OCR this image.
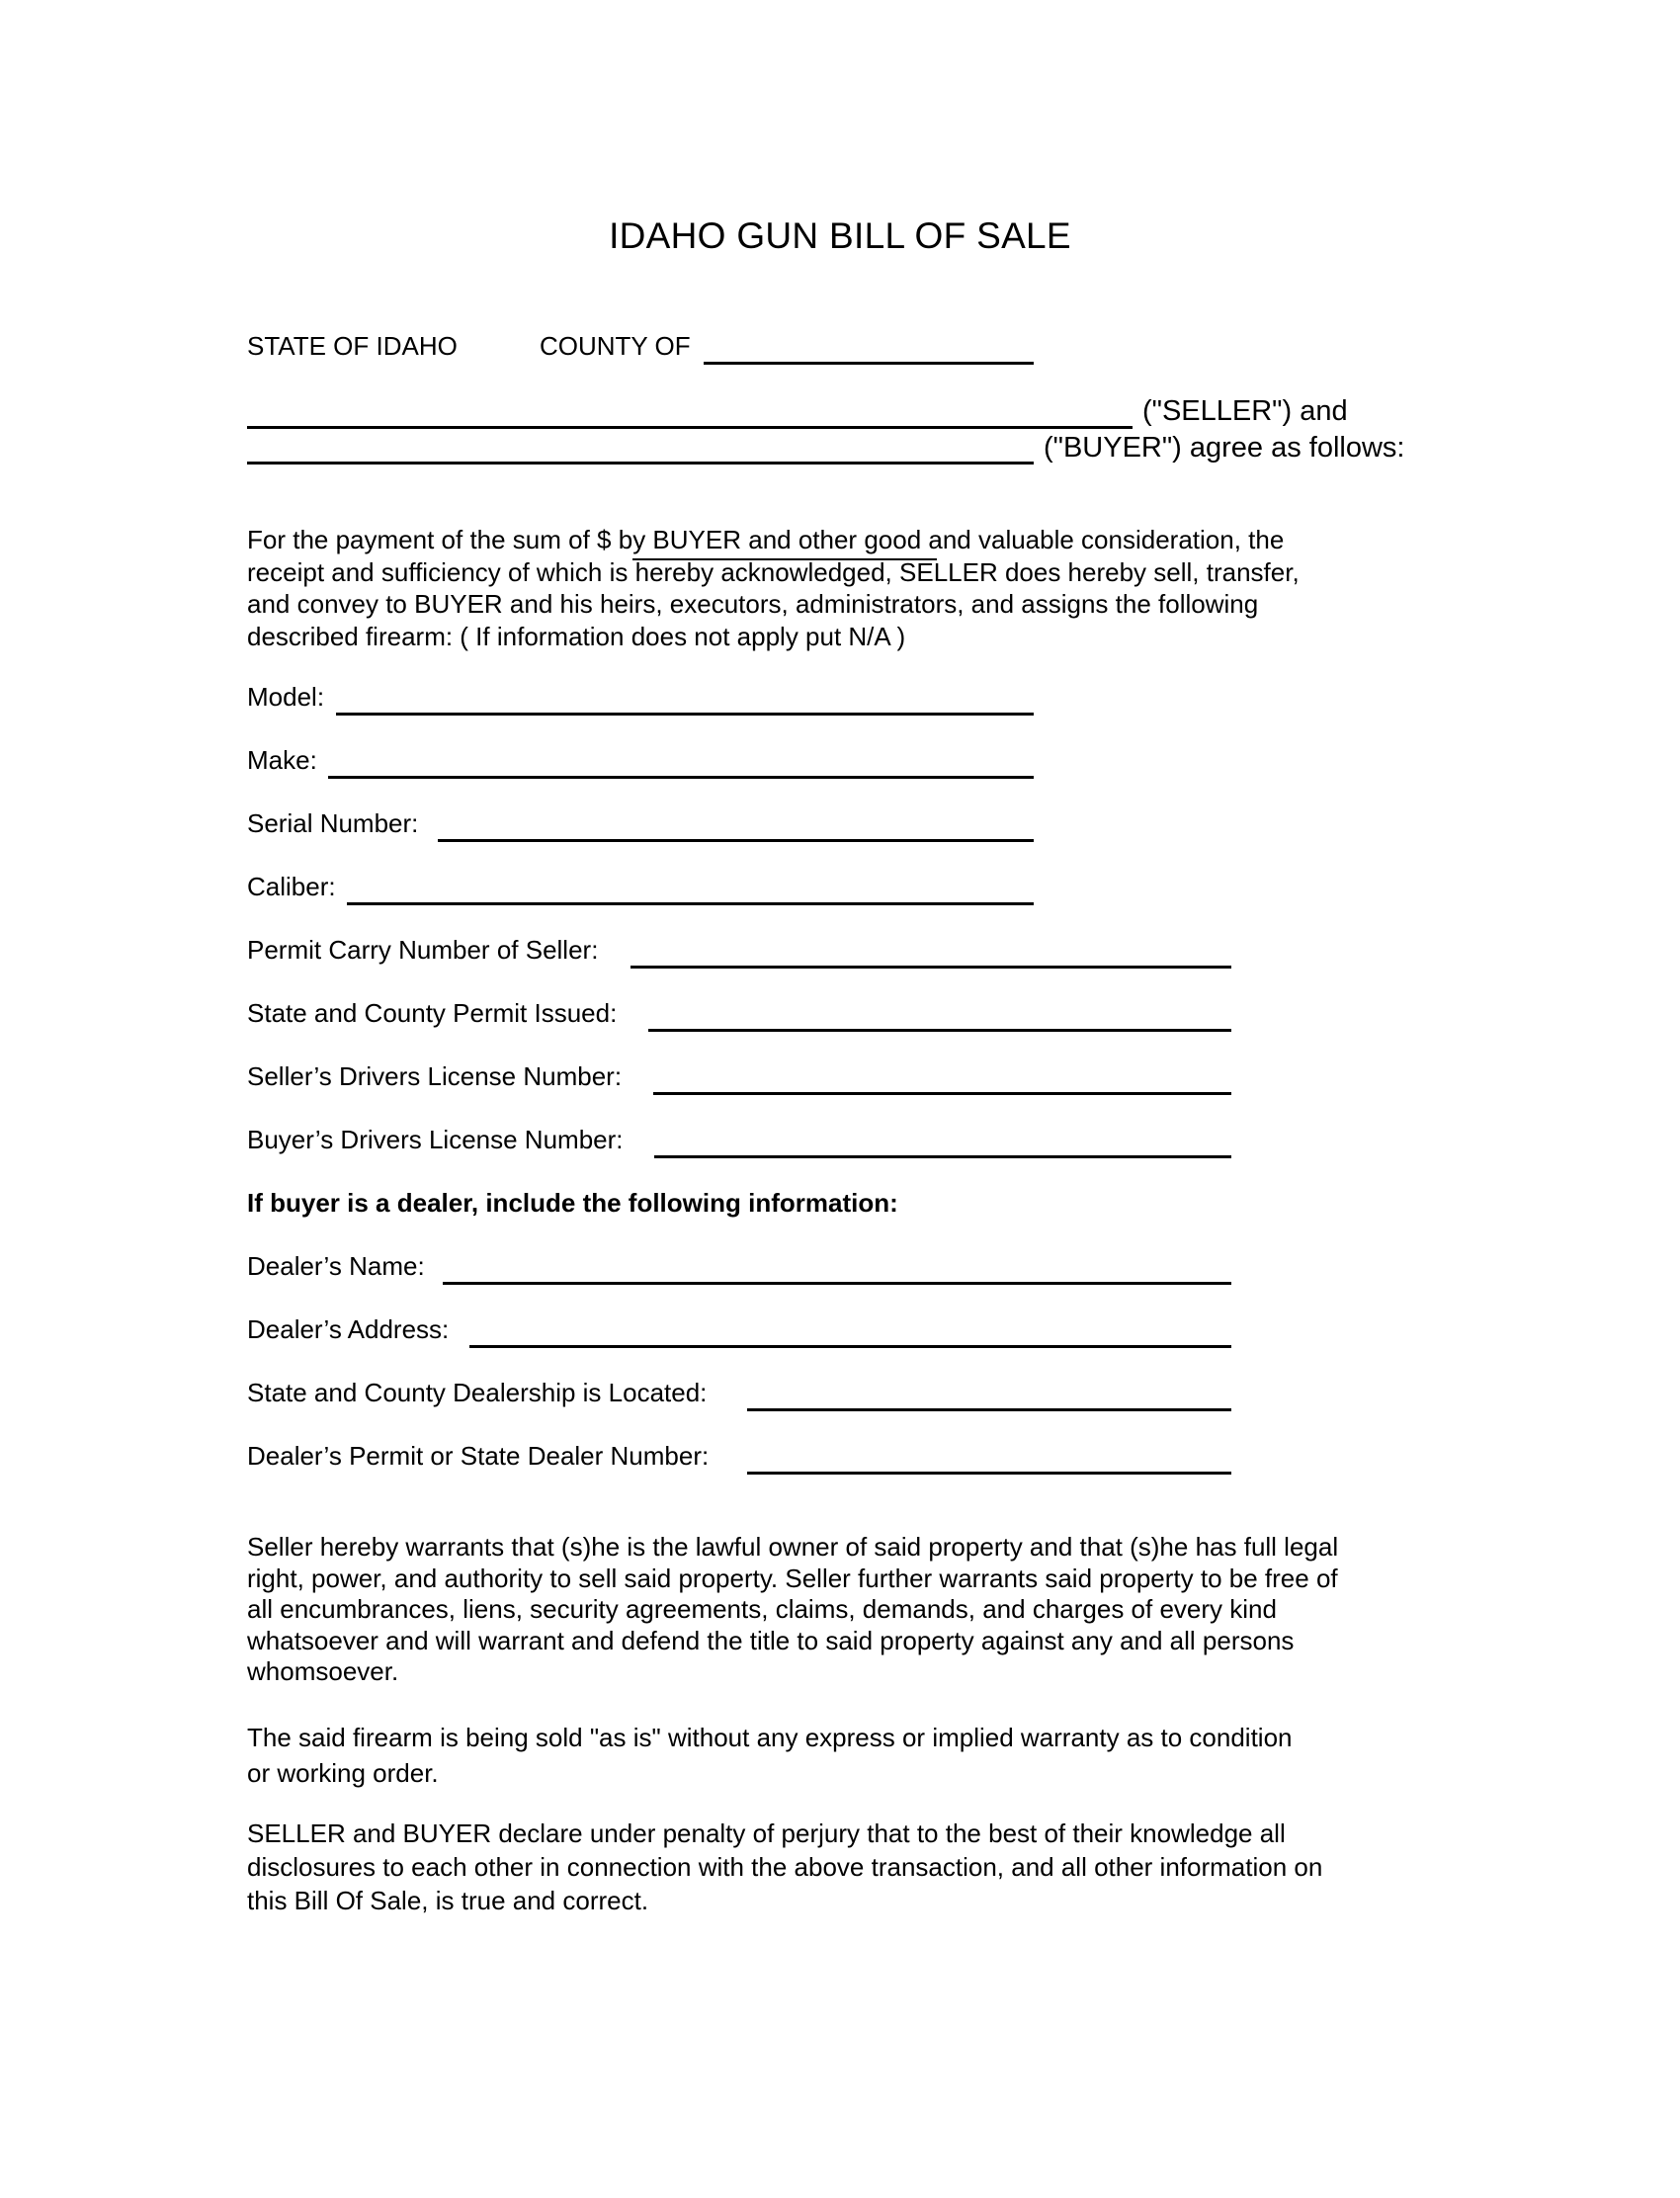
IDAHO GUN BILL OF SALE
STATE OF IDAHO	COUNTY OF
("SELLER") and
("BUYER") agree as follows:
For the payment of the sum of $ by BUYER and other good and valuable consideration, the
receipt and sufficiency of which is hereby acknowledged, SELLER does hereby sell, transfer,
and convey to BUYER and his heirs, executors, administrators, and assigns the following
described firearm: ( If information does not apply put N/A )
Model:
Make:
Serial Number:
Caliber:
Permit Carry Number of Seller:
State and County Permit Issued:
Seller’s Drivers License Number:
Buyer’s Drivers License Number:
If buyer is a dealer, include the following information:
Dealer’s Name:
Dealer’s Address:
State and County Dealership is Located:
Dealer’s Permit or State Dealer Number:
Seller hereby warrants that (s)he is the lawful owner of said property and that (s)he has full legal
right, power, and authority to sell said property. Seller further warrants said property to be free of
all encumbrances, liens, security agreements, claims, demands, and charges of every kind
whatsoever and will warrant and defend the title to said property against any and all persons
whomsoever.
The said firearm is being sold "as is" without any express or implied warranty as to condition
or working order.
SELLER and BUYER declare under penalty of perjury that to the best of their knowledge all
disclosures to each other in connection with the above transaction, and all other information on
this Bill Of Sale, is true and correct.
